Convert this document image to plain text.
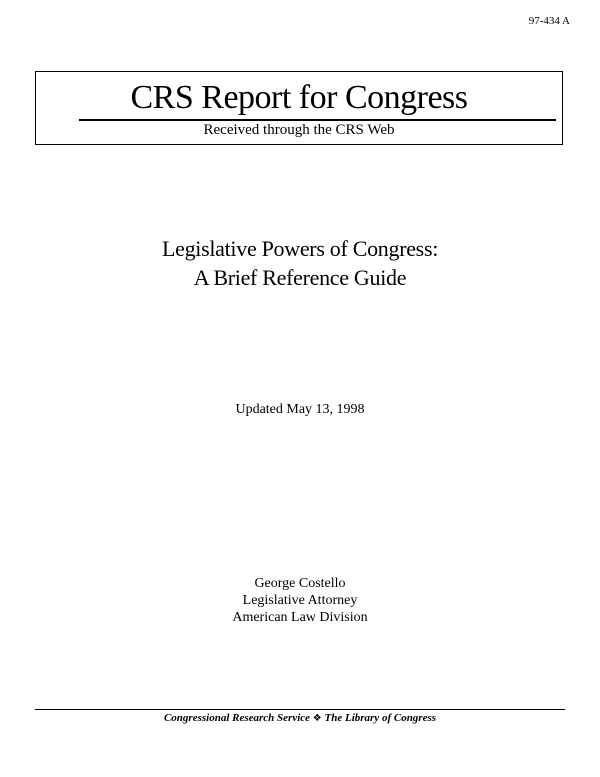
97-434 A
CRS Report for Congress
Received through the CRS Web
Legislative Powers of Congress:
A Brief Reference Guide
Updated May 13, 1998
George Costello
Legislative Attorney
American Law Division
Congressional Research Service ❖ The Library of Congress
